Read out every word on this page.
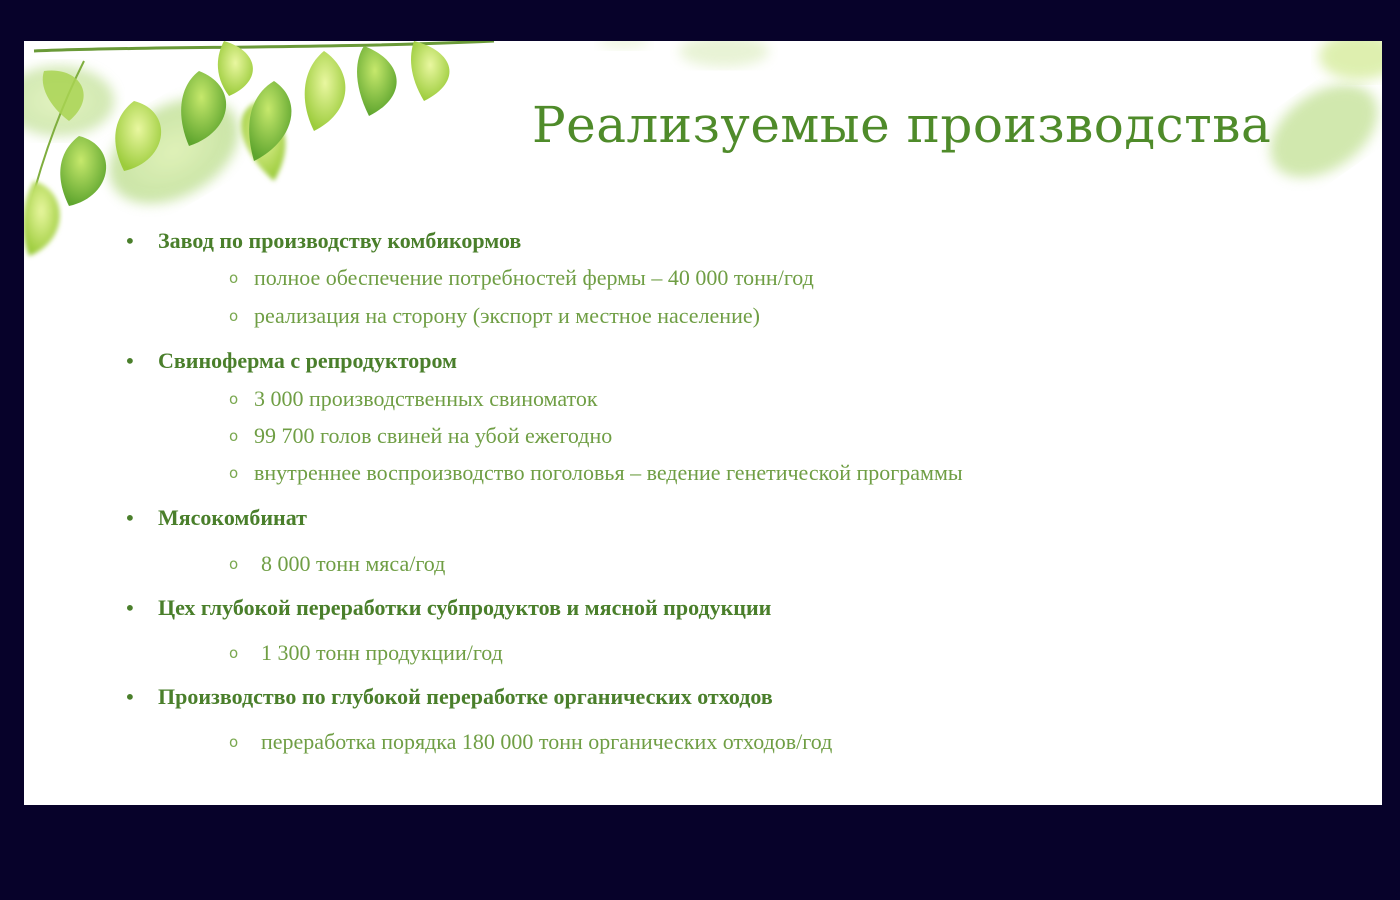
Реализуемые производства
• Завод по производству комбикормов
o полное обеспечение потребностей фермы – 40 000 тонн/год
o реализация на сторону (экспорт и местное население)
• Свиноферма с репродуктором
o 3 000 производственных свиноматок
o 99 700 голов свиней на убой ежегодно
o внутреннее воспроизводство поголовья – ведение генетической программы
• Мясокомбинат
o 8 000 тонн мяса/год
• Цех глубокой переработки субпродуктов и мясной продукции
o 1 300 тонн продукции/год
• Производство по глубокой переработке органических отходов
o переработка порядка 180 000 тонн органических отходов/год
